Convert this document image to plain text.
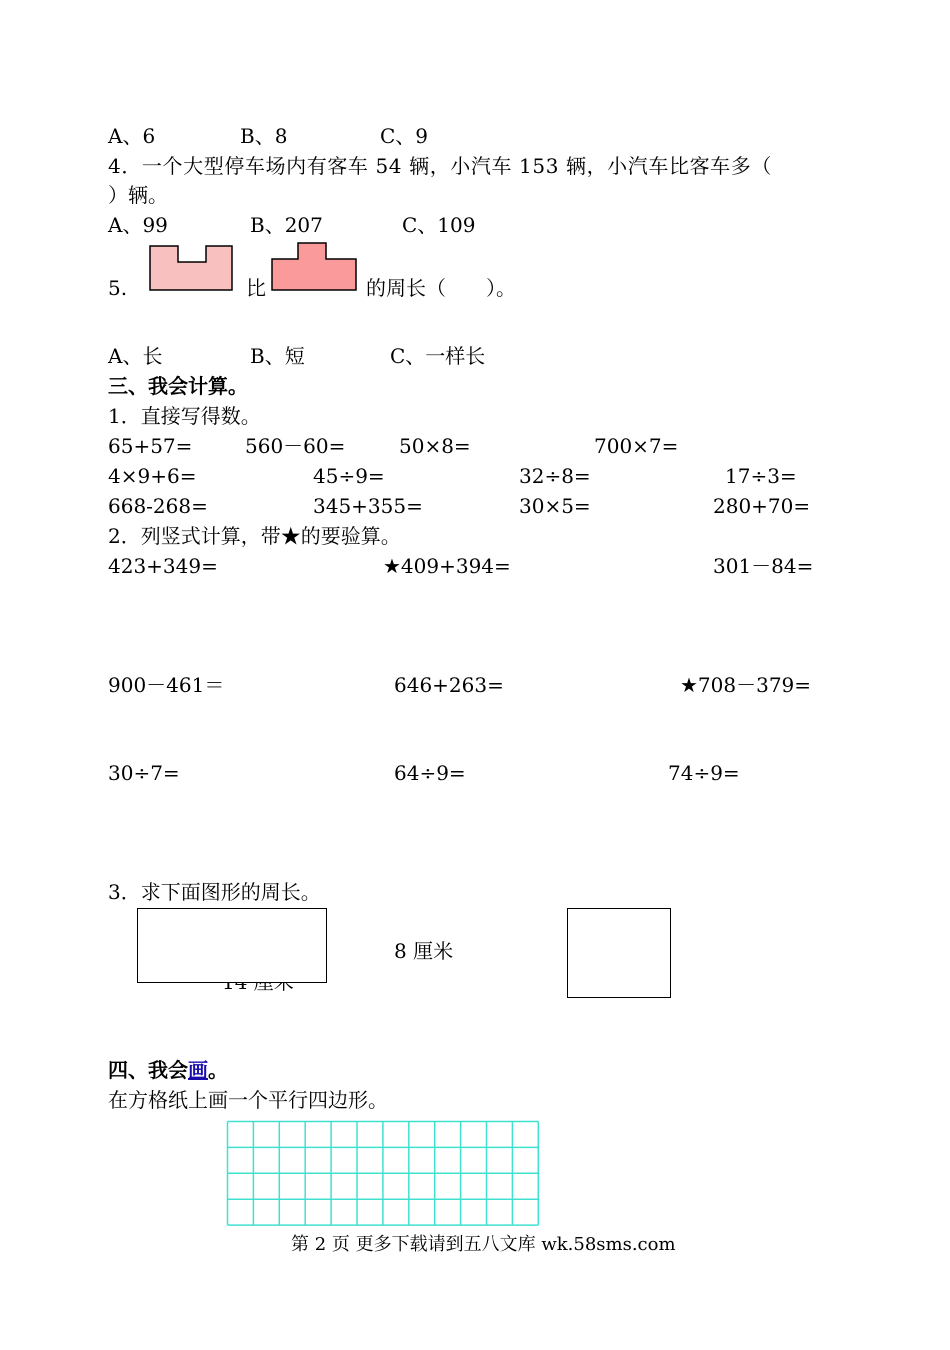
A、6	B、8	C、9
4．一个大型停车场内有客车 54 辆，小汽车 153 辆，小汽车比客车多（
）辆。
A、99	B、207	C、109
5.	比	的周长（　　）。
A、长	B、短	C、一样长
三、我会计算。
1．直接写得数。
65+57=	560－60=	50×8=	700×7=
4×9+6=	45÷9=	32÷8=	17÷3=
668-268=	345+355=	30×5=	280+70=
2．列竖式计算，带★的要验算。
423+349=	★409+394=	301－84=
900－461＝	646+263=	★708－379=
30÷7=	64÷9=	74÷9=
3．求下面图形的周长。
8 厘米
四、我会画。
在方格纸上画一个平行四边形。
第 2 页 更多下载请到五八文库 wk.58sms.com
